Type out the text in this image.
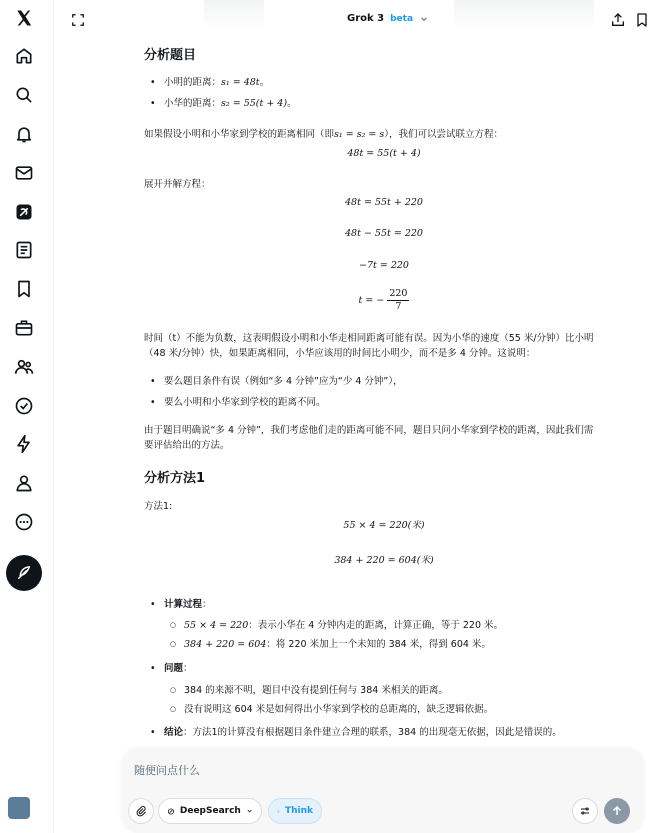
Grok 3 beta
分析题目
• 小明的距离：s₁ = 48t。
• 小华的距离：s₂ = 55(t + 4)。

如果假设小明和小华家到学校的距离相同（即s₁ = s₂ = s），我们可以尝试联立方程：

48t = 55(t + 4)

展开并解方程：

48t = 55t + 220
48t − 55t = 220
−7t = 220
t = − $\frac{220}{7}$

时间（t）不能为负数，这表明假设小明和小华走相同距离可能有误。因为小华的速度（55 米/分钟）比小明
（48 米/分钟）快，如果距离相同，小华应该用的时间比小明少，而不是多 4 分钟。这说明：

• 要么题目条件有误（例如“多 4 分钟”应为“少 4 分钟”），
• 要么小明和小华家到学校的距离不同。

由于题目明确说“多 4 分钟”，我们考虑他们走的距离可能不同，题目只问小华家到学校的距离，因此我们需
要评估给出的方法。

分析方法1

方法1:

55 × 4 = 220(米)
384 + 220 = 604(米)
• 计算过程：
○ 55 × 4 = 220：表示小华在 4 分钟内走的距离，计算正确，等于 220 米。
○ 384 + 220 = 604：将 220 米加上一个未知的 384 米，得到 604 米。
• 问题：
○ 384 的来源不明，题目中没有提到任何与 384 米相关的距离。
○ 没有说明这 604 米是如何得出小华家到学校的总距离的，缺乏逻辑依据。
• 结论：方法1的计算没有根据题目条件建立合理的联系，384 的出现毫无依据，因此是错误的。
随便问点什么
DeepSearch	Think
